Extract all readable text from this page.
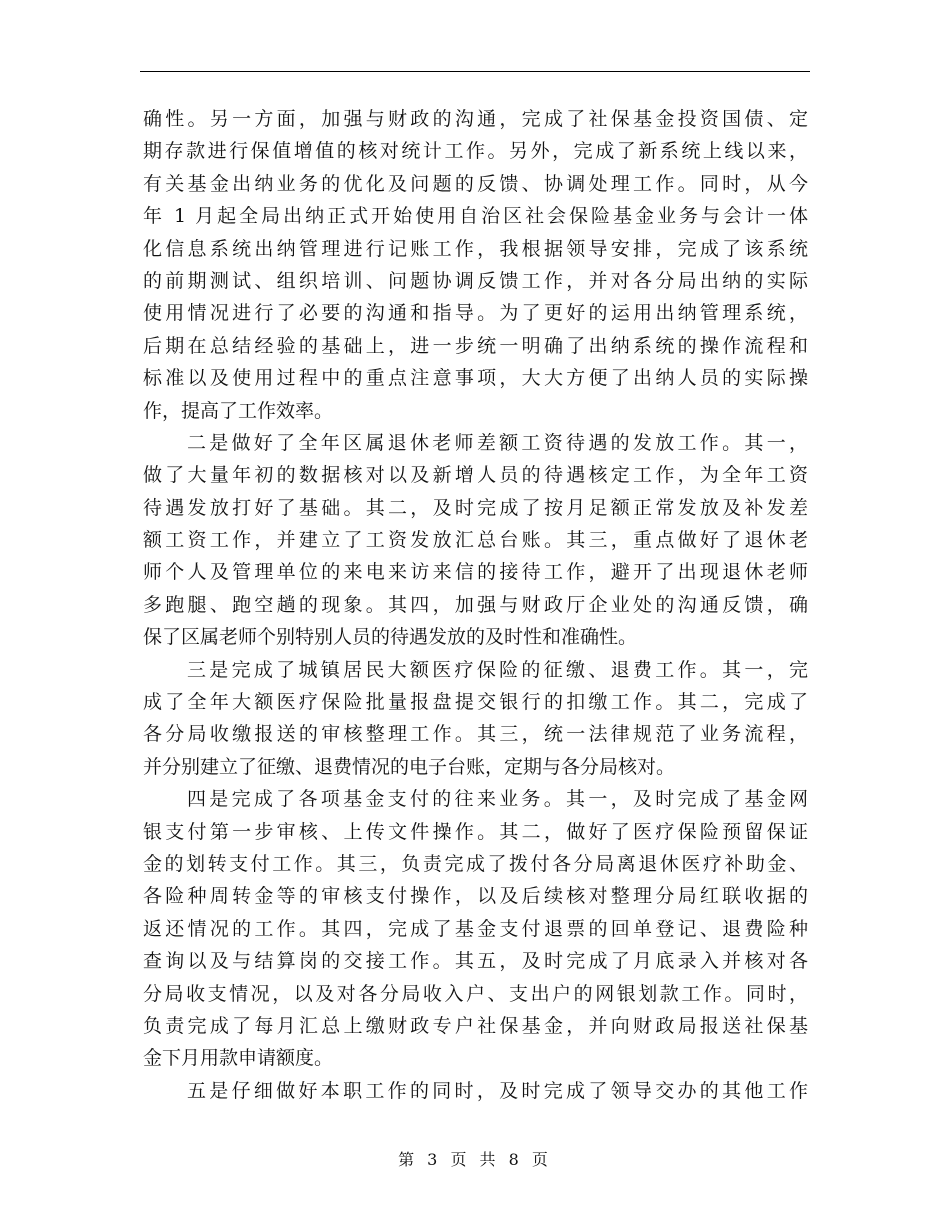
确性。另一方面，加强与财政的沟通，完成了社保基金投资国债、定
期存款进行保值增值的核对统计工作。另外，完成了新系统上线以来，
有关基金出纳业务的优化及问题的反馈、协调处理工作。同时，从今
年 1 月起全局出纳正式开始使用自治区社会保险基金业务与会计一体
化信息系统出纳管理进行记账工作，我根据领导安排，完成了该系统
的前期测试、组织培训、问题协调反馈工作，并对各分局出纳的实际
使用情况进行了必要的沟通和指导。为了更好的运用出纳管理系统，
后期在总结经验的基础上，进一步统一明确了出纳系统的操作流程和
标准以及使用过程中的重点注意事项，大大方便了出纳人员的实际操
作，提高了工作效率。
二是做好了全年区属退休老师差额工资待遇的发放工作。其一，
做了大量年初的数据核对以及新增人员的待遇核定工作，为全年工资
待遇发放打好了基础。其二，及时完成了按月足额正常发放及补发差
额工资工作，并建立了工资发放汇总台账。其三，重点做好了退休老
师个人及管理单位的来电来访来信的接待工作，避开了出现退休老师
多跑腿、跑空趟的现象。其四，加强与财政厅企业处的沟通反馈，确
保了区属老师个别特别人员的待遇发放的及时性和准确性。
三是完成了城镇居民大额医疗保险的征缴、退费工作。其一，完
成了全年大额医疗保险批量报盘提交银行的扣缴工作。其二，完成了
各分局收缴报送的审核整理工作。其三，统一法律规范了业务流程，
并分别建立了征缴、退费情况的电子台账，定期与各分局核对。
四是完成了各项基金支付的往来业务。其一，及时完成了基金网
银支付第一步审核、上传文件操作。其二，做好了医疗保险预留保证
金的划转支付工作。其三，负责完成了拨付各分局离退休医疗补助金、
各险种周转金等的审核支付操作，以及后续核对整理分局红联收据的
返还情况的工作。其四，完成了基金支付退票的回单登记、退费险种
查询以及与结算岗的交接工作。其五，及时完成了月底录入并核对各
分局收支情况，以及对各分局收入户、支出户的网银划款工作。同时，
负责完成了每月汇总上缴财政专户社保基金，并向财政局报送社保基
金下月用款申请额度。
五是仔细做好本职工作的同时，及时完成了领导交办的其他工作
第 3 页 共 8 页
